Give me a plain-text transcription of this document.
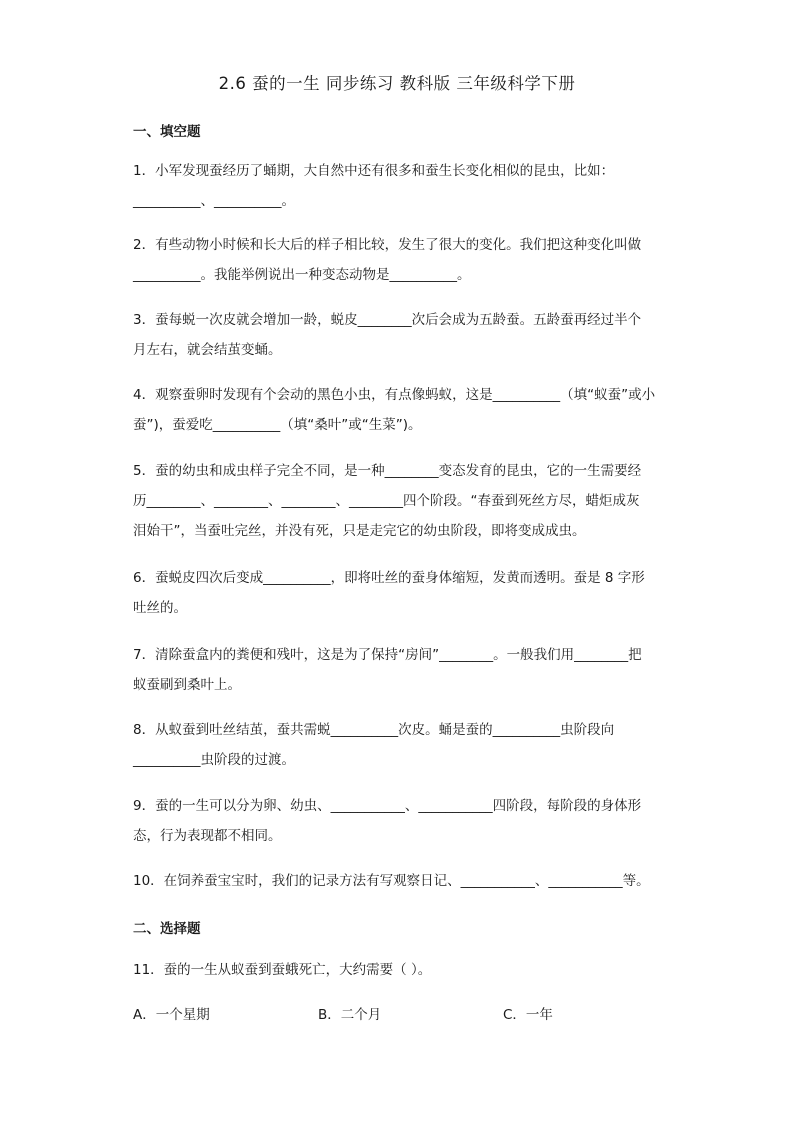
2.6 蚕的一生 同步练习 教科版 三年级科学下册
一、填空题

1．小军发现蚕经历了蛹期，大自然中还有很多和蚕生长变化相似的昆虫，比如：

__________、__________。

2．有些动物小时候和长大后的样子相比较，发生了很大的变化。我们把这种变化叫做

__________。我能举例说出一种变态动物是__________。

3．蚕每蜕一次皮就会增加一龄，蜕皮________次后会成为五龄蚕。五龄蚕再经过半个

月左右，就会结茧变蛹。

4．观察蚕卵时发现有个会动的黑色小虫，有点像蚂蚁，这是__________（填“蚁蚕”或小

蚕”)，蚕爱吃__________（填“桑叶”或“生菜”)。

5．蚕的幼虫和成虫样子完全不同，是一种________变态发育的昆虫，它的一生需要经

历________、________、________、________四个阶段。“春蚕到死丝方尽，蜡炬成灰

泪始干”，当蚕吐完丝，并没有死，只是走完它的幼虫阶段，即将变成成虫。

6．蚕蜕皮四次后变成__________，即将吐丝的蚕身体缩短，发黄而透明。蚕是 8 字形

吐丝的。

7．清除蚕盒内的粪便和残叶，这是为了保持“房间”________。一般我们用________把

蚁蚕刷到桑叶上。

8．从蚁蚕到吐丝结茧，蚕共需蜕__________次皮。蛹是蚕的__________虫阶段向

__________虫阶段的过渡。

9．蚕的一生可以分为卵、幼虫、___________、___________四阶段，每阶段的身体形

态，行为表现都不相同。

10．在饲养蚕宝宝时，我们的记录方法有写观察日记、___________、___________等。

二、选择题

11．蚕的一生从蚁蚕到蚕蛾死亡，大约需要（ ）。

A．一个星期	B．二个月	C．一年
